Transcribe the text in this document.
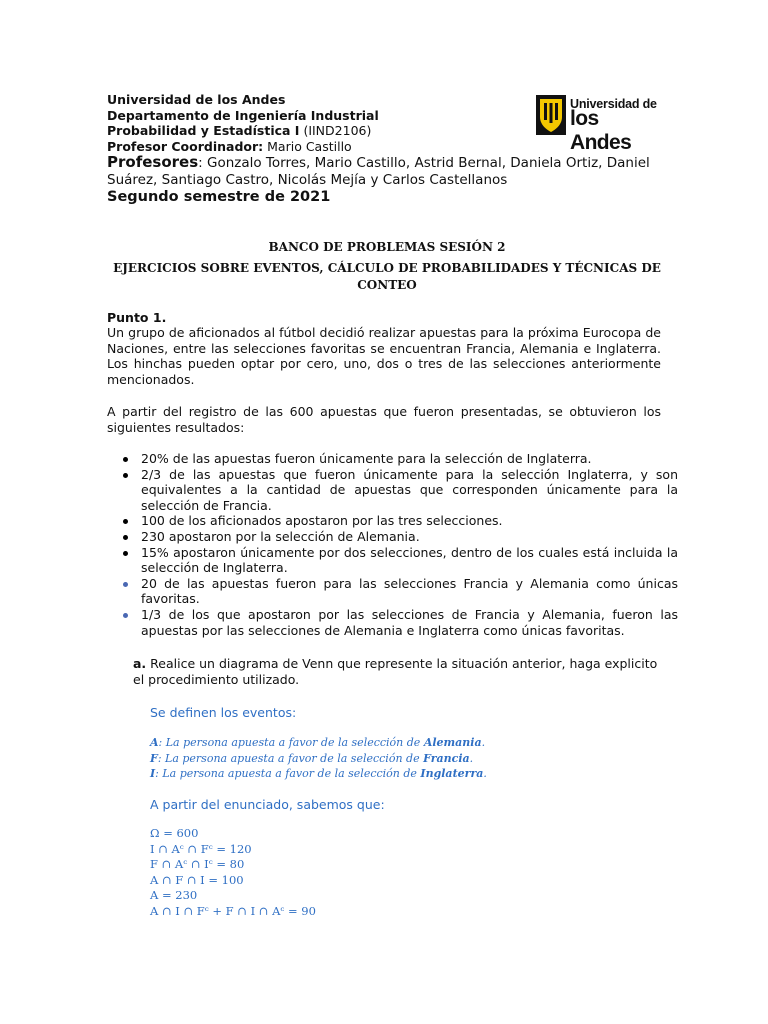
Universidad de los Andes
Departamento de Ingeniería Industrial
Probabilidad y Estadística I (IIND2106)
Profesor Coordinador: Mario Castillo
Profesores: Gonzalo Torres, Mario Castillo, Astrid Bernal, Daniela Ortiz, Daniel Suárez, Santiago Castro, Nicolás Mejía y Carlos Castellanos
Segundo semestre de 2021
Universidad de
los Andes
BANCO DE PROBLEMAS SESIÓN 2
EJERCICIOS SOBRE EVENTOS, CÁLCULO DE PROBABILIDADES Y TÉCNICAS DE CONTEO
Punto 1.
Un grupo de aficionados al fútbol decidió realizar apuestas para la próxima Eurocopa de Naciones, entre las selecciones favoritas se encuentran Francia, Alemania e Inglaterra. Los hinchas pueden optar por cero, uno, dos o tres de las selecciones anteriormente mencionados.
A partir del registro de las 600 apuestas que fueron presentadas, se obtuvieron los siguientes resultados:
20% de las apuestas fueron únicamente para la selección de Inglaterra.
2/3 de las apuestas que fueron únicamente para la selección Inglaterra, y son equivalentes a la cantidad de apuestas que corresponden únicamente para la selección de Francia.
100 de los aficionados apostaron por las tres selecciones.
230 apostaron por la selección de Alemania.
15% apostaron únicamente por dos selecciones, dentro de los cuales está incluida la selección de Inglaterra.
20 de las apuestas fueron para las selecciones Francia y Alemania como únicas favoritas.
1/3 de los que apostaron por las selecciones de Francia y Alemania, fueron las apuestas por las selecciones de Alemania e Inglaterra como únicas favoritas.
a. Realice un diagrama de Venn que represente la situación anterior, haga explicito el procedimiento utilizado.
Se definen los eventos:
A: La persona apuesta a favor de la selección de Alemania.
F: La persona apuesta a favor de la selección de Francia.
I: La persona apuesta a favor de la selección de Inglaterra.
A partir del enunciado, sabemos que:
Ω = 600
I ∩ Aᶜ ∩ Fᶜ = 120
F ∩ Aᶜ ∩ Iᶜ = 80
A ∩ F ∩ I = 100
A = 230
A ∩ I ∩ Fᶜ + F ∩ I ∩ Aᶜ = 90
